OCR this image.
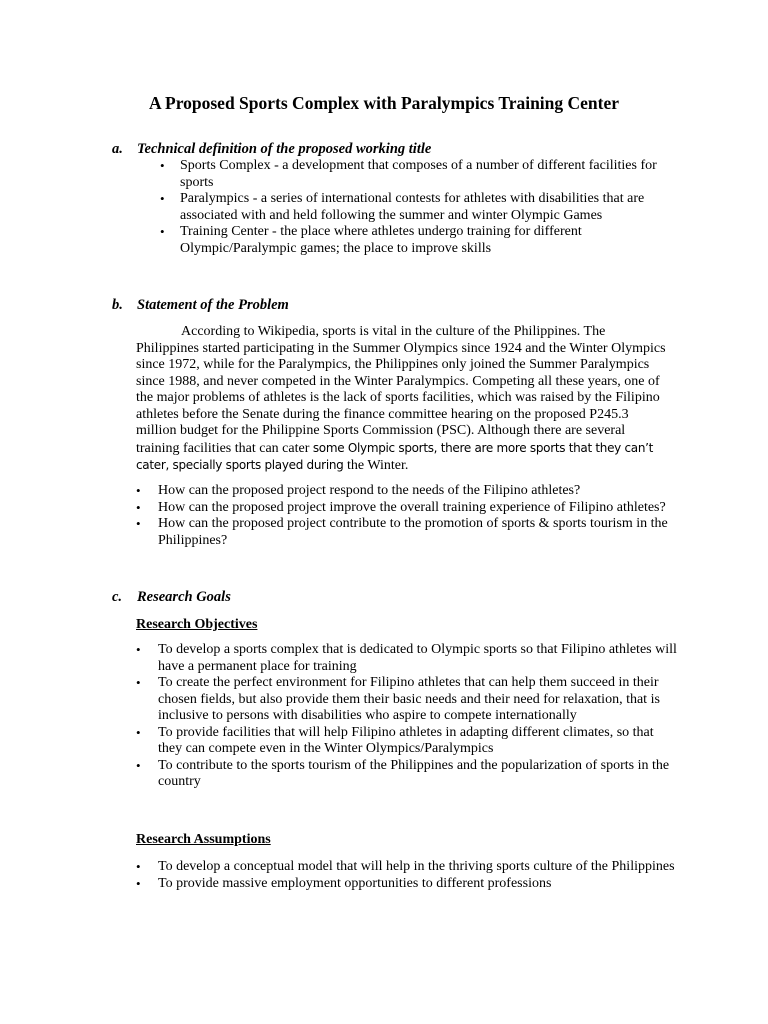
A Proposed Sports Complex with Paralympics Training Center
a. Technical definition of the proposed working title
• Sports Complex - a development that composes of a number of different facilities for sports
• Paralympics - a series of international contests for athletes with disabilities that are associated with and held following the summer and winter Olympic Games
• Training Center - the place where athletes undergo training for different Olympic/Paralympic games; the place to improve skills
b. Statement of the Problem

According to Wikipedia, sports is vital in the culture of the Philippines. The Philippines started participating in the Summer Olympics since 1924 and the Winter Olympics since 1972, while for the Paralympics, the Philippines only joined the Summer Paralympics since 1988, and never competed in the Winter Paralympics. Competing all these years, one of the major problems of athletes is the lack of sports facilities, which was raised by the Filipino athletes before the Senate during the finance committee hearing on the proposed P245.3 million budget for the Philippine Sports Commission (PSC). Although there are several training facilities that can cater some Olympic sports, there are more sports that they can’t cater, specially sports played during the Winter.

• How can the proposed project respond to the needs of the Filipino athletes?
• How can the proposed project improve the overall training experience of Filipino athletes?
• How can the proposed project contribute to the promotion of sports & sports tourism in the Philippines?
c. Research Goals
Research Objectives
• To develop a sports complex that is dedicated to Olympic sports so that Filipino athletes will have a permanent place for training
• To create the perfect environment for Filipino athletes that can help them succeed in their chosen fields, but also provide them their basic needs and their need for relaxation, that is inclusive to persons with disabilities who aspire to compete internationally
• To provide facilities that will help Filipino athletes in adapting different climates, so that they can compete even in the Winter Olympics/Paralympics
• To contribute to the sports tourism of the Philippines and the popularization of sports in the country
Research Assumptions
• To develop a conceptual model that will help in the thriving sports culture of the Philippines
• To provide massive employment opportunities to different professions
